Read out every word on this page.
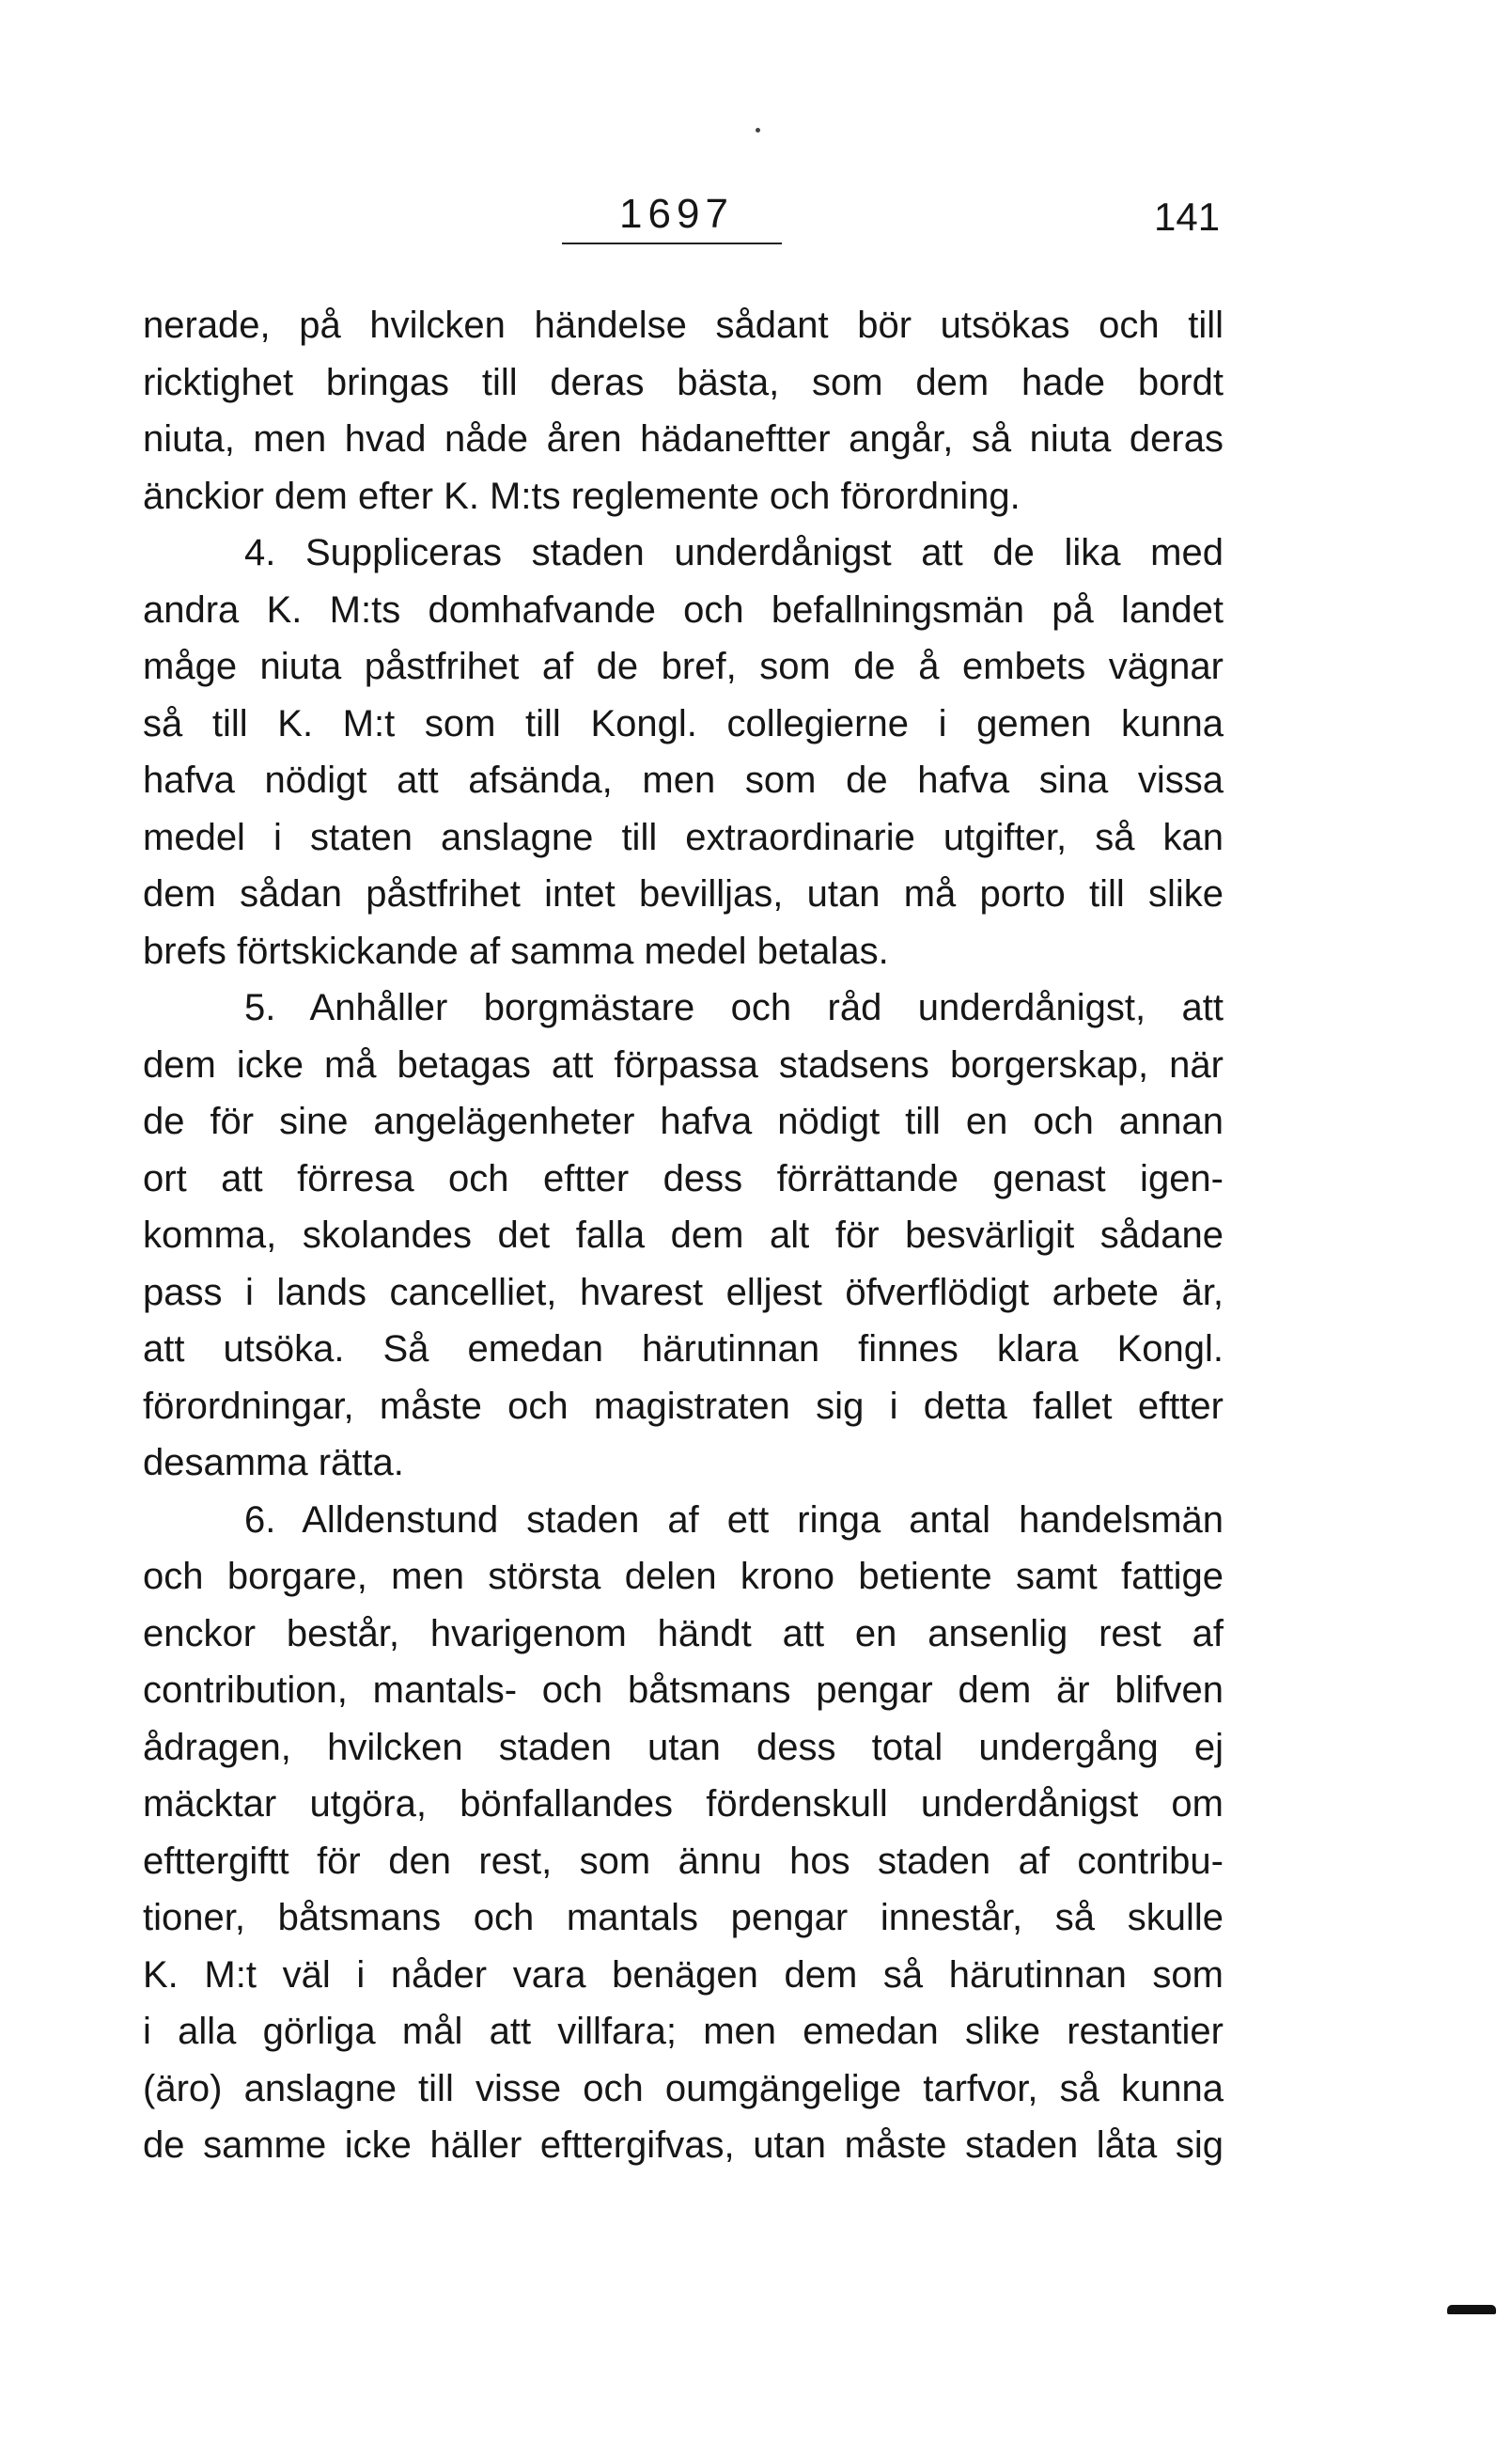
1697	141
nerade, på hvilcken händelse sådant bör utsökas och till
ricktighet bringas till deras bästa, som dem hade bordt
niuta, men hvad nåde åren hädaneftter angår, så niuta deras
änckior dem efter K. M:ts reglemente och förordning.
4. Suppliceras staden underdånigst att de lika med
andra K. M:ts domhafvande och befallningsmän på landet
måge niuta påstfrihet af de bref, som de å embets vägnar
så till K. M:t som till Kongl. collegierne i gemen kunna
hafva nödigt att afsända, men som de hafva sina vissa
medel i staten anslagne till extraordinarie utgifter, så kan
dem sådan påstfrihet intet bevilljas, utan må porto till slike
brefs förtskickande af samma medel betalas.
5. Anhåller borgmästare och råd underdånigst, att
dem icke må betagas att förpassa stadsens borgerskap, när
de för sine angelägenheter hafva nödigt till en och annan
ort att förresa och eftter dess förrättande genast igen-
komma, skolandes det falla dem alt för besvärligit sådane
pass i lands cancelliet, hvarest elljest öfverflödigt arbete är,
att utsöka. Så emedan härutinnan finnes klara Kongl.
förordningar, måste och magistraten sig i detta fallet eftter
desamma rätta.
6. Alldenstund staden af ett ringa antal handelsmän
och borgare, men största delen krono betiente samt fattige
enckor består, hvarigenom händt att en ansenlig rest af
contribution, mantals- och båtsmans pengar dem är blifven
ådragen, hvilcken staden utan dess total undergång ej
mäcktar utgöra, bönfallandes fördenskull underdånigst om
efttergiftt för den rest, som ännu hos staden af contribu-
tioner, båtsmans och mantals pengar innestår, så skulle
K. M:t väl i nåder vara benägen dem så härutinnan som
i alla görliga mål att villfara; men emedan slike restantier
(äro) anslagne till visse och oumgängelige tarfvor, så kunna
de samme icke häller efttergifvas, utan måste staden låta sig
